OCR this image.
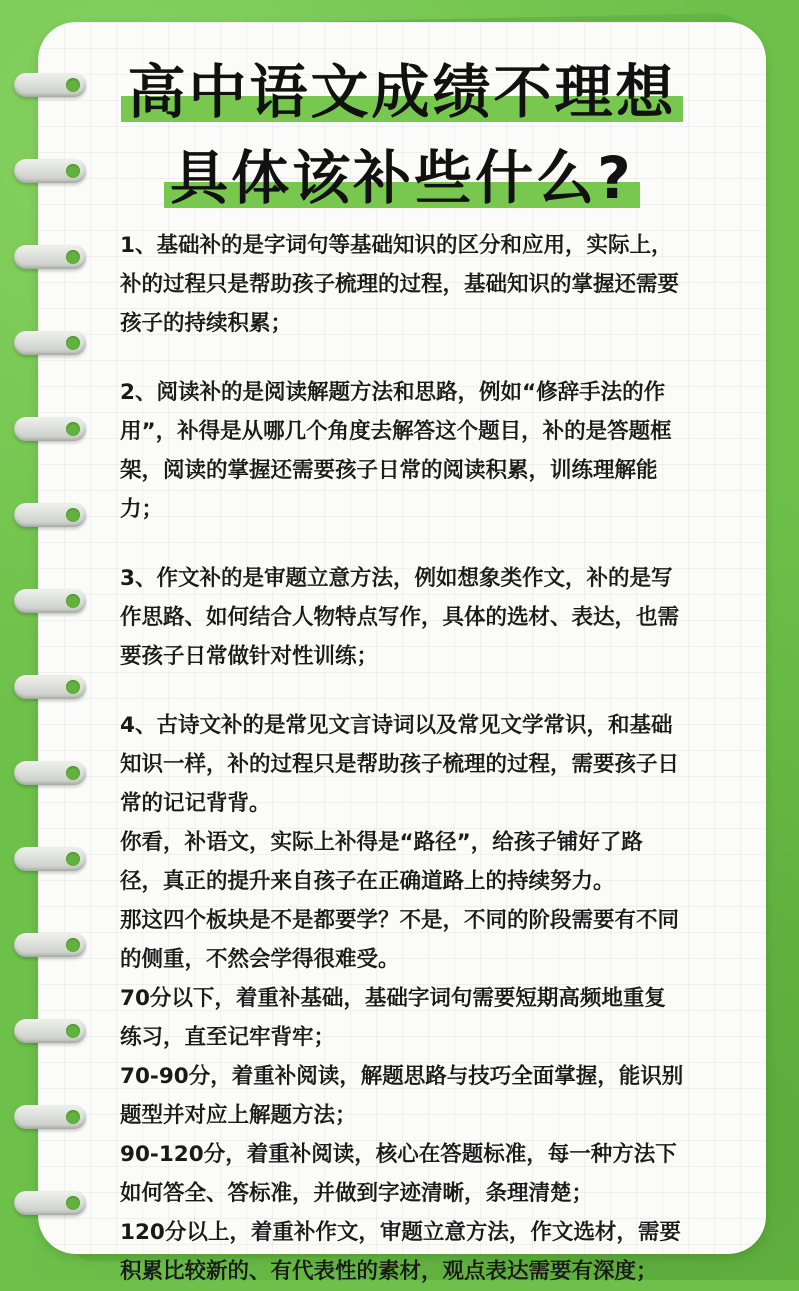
高中语文成绩不理想
具体该补些什么?

1、基础补的是字词句等基础知识的区分和应用，实际上，

补的过程只是帮助孩子梳理的过程，基础知识的掌握还需要

孩子的持续积累；

2、阅读补的是阅读解题方法和思路，例如“修辞手法的作

用”，补得是从哪几个角度去解答这个题目，补的是答题框

架，阅读的掌握还需要孩子日常的阅读积累，训练理解能

力；

3、作文补的是审题立意方法，例如想象类作文，补的是写

作思路、如何结合人物特点写作，具体的选材、表达，也需

要孩子日常做针对性训练；

4、古诗文补的是常见文言诗词以及常见文学常识，和基础

知识一样，补的过程只是帮助孩子梳理的过程，需要孩子日

常的记记背背。

你看，补语文，实际上补得是“路径”，给孩子铺好了路

径，真正的提升来自孩子在正确道路上的持续努力。

那这四个板块是不是都要学？不是，不同的阶段需要有不同

的侧重，不然会学得很难受。

70分以下，着重补基础，基础字词句需要短期高频地重复

练习，直至记牢背牢；

70-90分，着重补阅读，解题思路与技巧全面掌握，能识别

题型并对应上解题方法；

90-120分，着重补阅读，核心在答题标准，每一种方法下

如何答全、答标准，并做到字迹清晰，条理清楚；

120分以上，着重补作文，审题立意方法，作文选材，需要

积累比较新的、有代表性的素材，观点表达需要有深度；
